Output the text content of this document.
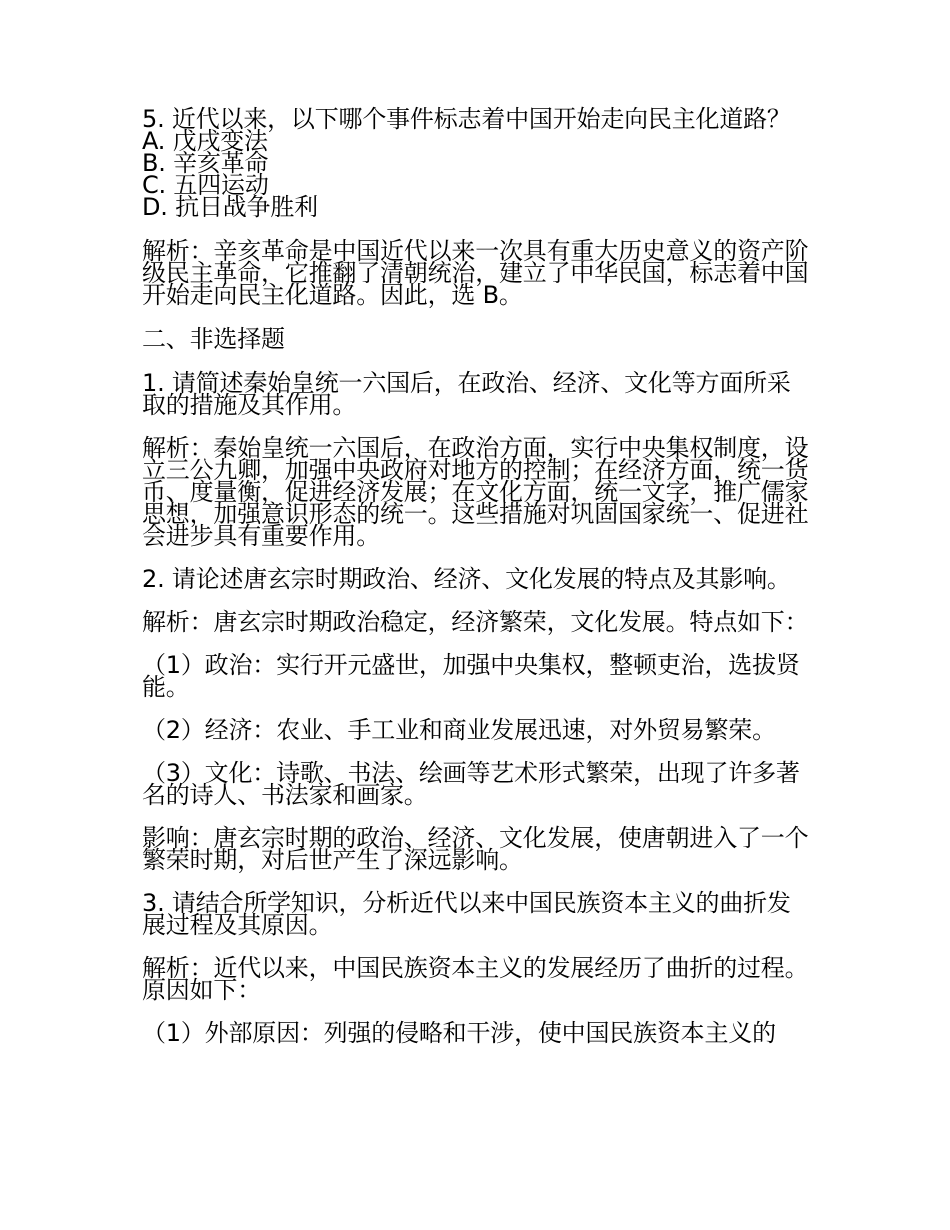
5. 近代以来，以下哪个事件标志着中国开始走向民主化道路？

A. 戊戌变法

B. 辛亥革命

C. 五四运动

D. 抗日战争胜利

解析：辛亥革命是中国近代以来一次具有重大历史意义的资产阶级民主革命，它推翻了清朝统治，建立了中华民国，标志着中国开始走向民主化道路。因此，选 B。

二、非选择题

1. 请简述秦始皇统一六国后，在政治、经济、文化等方面所采取的措施及其作用。

解析：秦始皇统一六国后，在政治方面，实行中央集权制度，设立三公九卿，加强中央政府对地方的控制；在经济方面，统一货币、度量衡，促进经济发展；在文化方面，统一文字，推广儒家思想，加强意识形态的统一。这些措施对巩固国家统一、促进社会进步具有重要作用。

2. 请论述唐玄宗时期政治、经济、文化发展的特点及其影响。

解析：唐玄宗时期政治稳定，经济繁荣，文化发展。特点如下：

（1）政治：实行开元盛世，加强中央集权，整顿吏治，选拔贤能。

（2）经济：农业、手工业和商业发展迅速，对外贸易繁荣。

（3）文化：诗歌、书法、绘画等艺术形式繁荣，出现了许多著名的诗人、书法家和画家。

影响：唐玄宗时期的政治、经济、文化发展，使唐朝进入了一个繁荣时期，对后世产生了深远影响。

3. 请结合所学知识，分析近代以来中国民族资本主义的曲折发展过程及其原因。

解析：近代以来，中国民族资本主义的发展经历了曲折的过程。原因如下：

（1）外部原因：列强的侵略和干涉，使中国民族资本主义的
